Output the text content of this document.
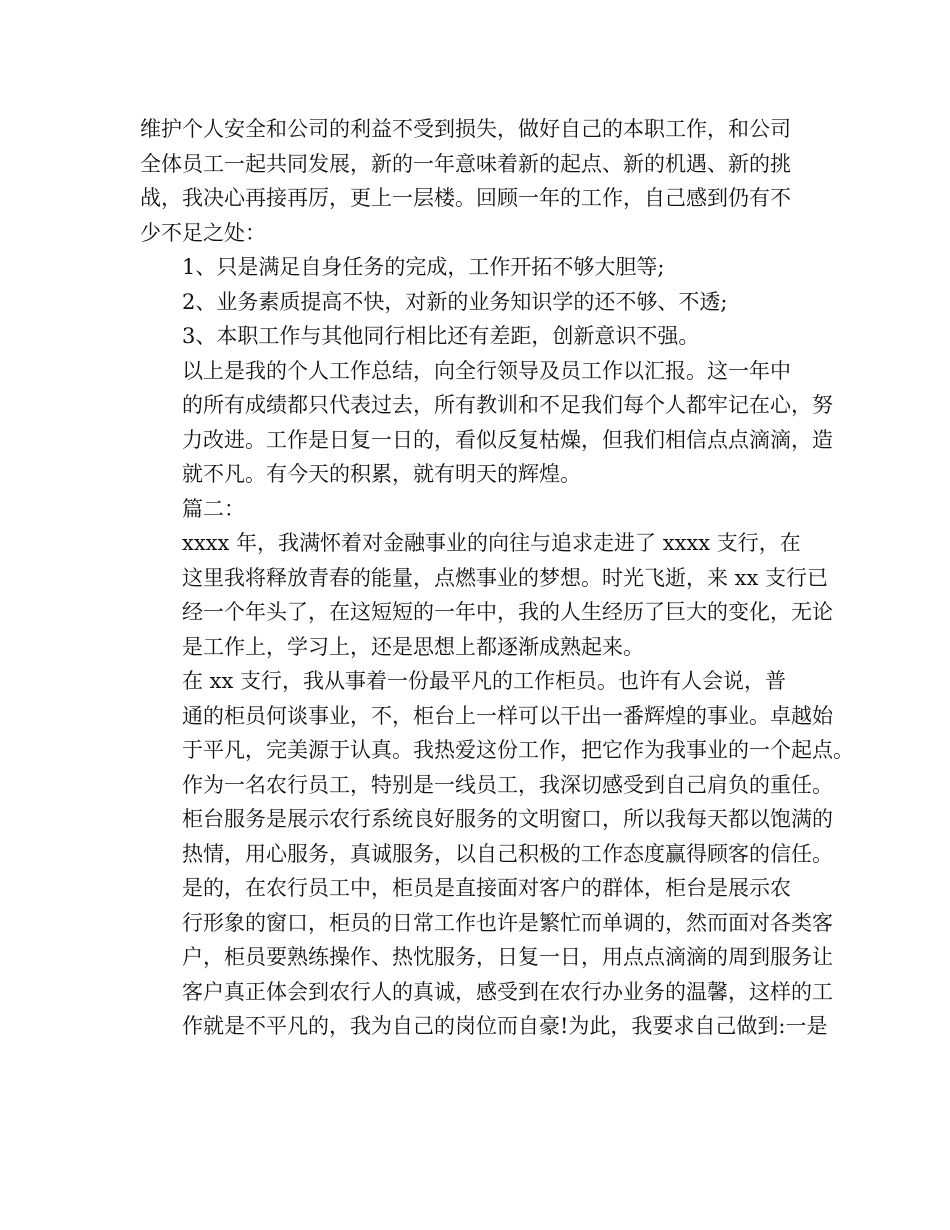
维护个人安全和公司的利益不受到损失，做好自己的本职工作，和公司
全体员工一起共同发展，新的一年意味着新的起点、新的机遇、新的挑
战，我决心再接再厉，更上一层楼。回顾一年的工作，自己感到仍有不
少不足之处：

1、只是满足自身任务的完成，工作开拓不够大胆等;

2、业务素质提高不快，对新的业务知识学的还不够、不透;

3、本职工作与其他同行相比还有差距，创新意识不强。

以上是我的个人工作总结，向全行领导及员工作以汇报。这一年中
的所有成绩都只代表过去，所有教训和不足我们每个人都牢记在心，努
力改进。工作是日复一日的，看似反复枯燥，但我们相信点点滴滴，造
就不凡。有今天的积累，就有明天的辉煌。

篇二：

xxxx 年，我满怀着对金融事业的向往与追求走进了 xxxx 支行，在
这里我将释放青春的能量，点燃事业的梦想。时光飞逝，来 xx 支行已
经一个年头了，在这短短的一年中，我的人生经历了巨大的变化，无论
是工作上，学习上，还是思想上都逐渐成熟起来。

在 xx 支行，我从事着一份最平凡的工作柜员。也许有人会说，普
通的柜员何谈事业，不，柜台上一样可以干出一番辉煌的事业。卓越始
于平凡，完美源于认真。我热爱这份工作，把它作为我事业的一个起点。
作为一名农行员工，特别是一线员工，我深切感受到自己肩负的重任。
柜台服务是展示农行系统良好服务的文明窗口，所以我每天都以饱满的
热情，用心服务，真诚服务，以自己积极的工作态度赢得顾客的信任。

是的，在农行员工中，柜员是直接面对客户的群体，柜台是展示农
行形象的窗口，柜员的日常工作也许是繁忙而单调的，然而面对各类客
户，柜员要熟练操作、热忱服务，日复一日，用点点滴滴的周到服务让
客户真正体会到农行人的真诚，感受到在农行办业务的温馨，这样的工
作就是不平凡的，我为自己的岗位而自豪!为此，我要求自己做到:一是
